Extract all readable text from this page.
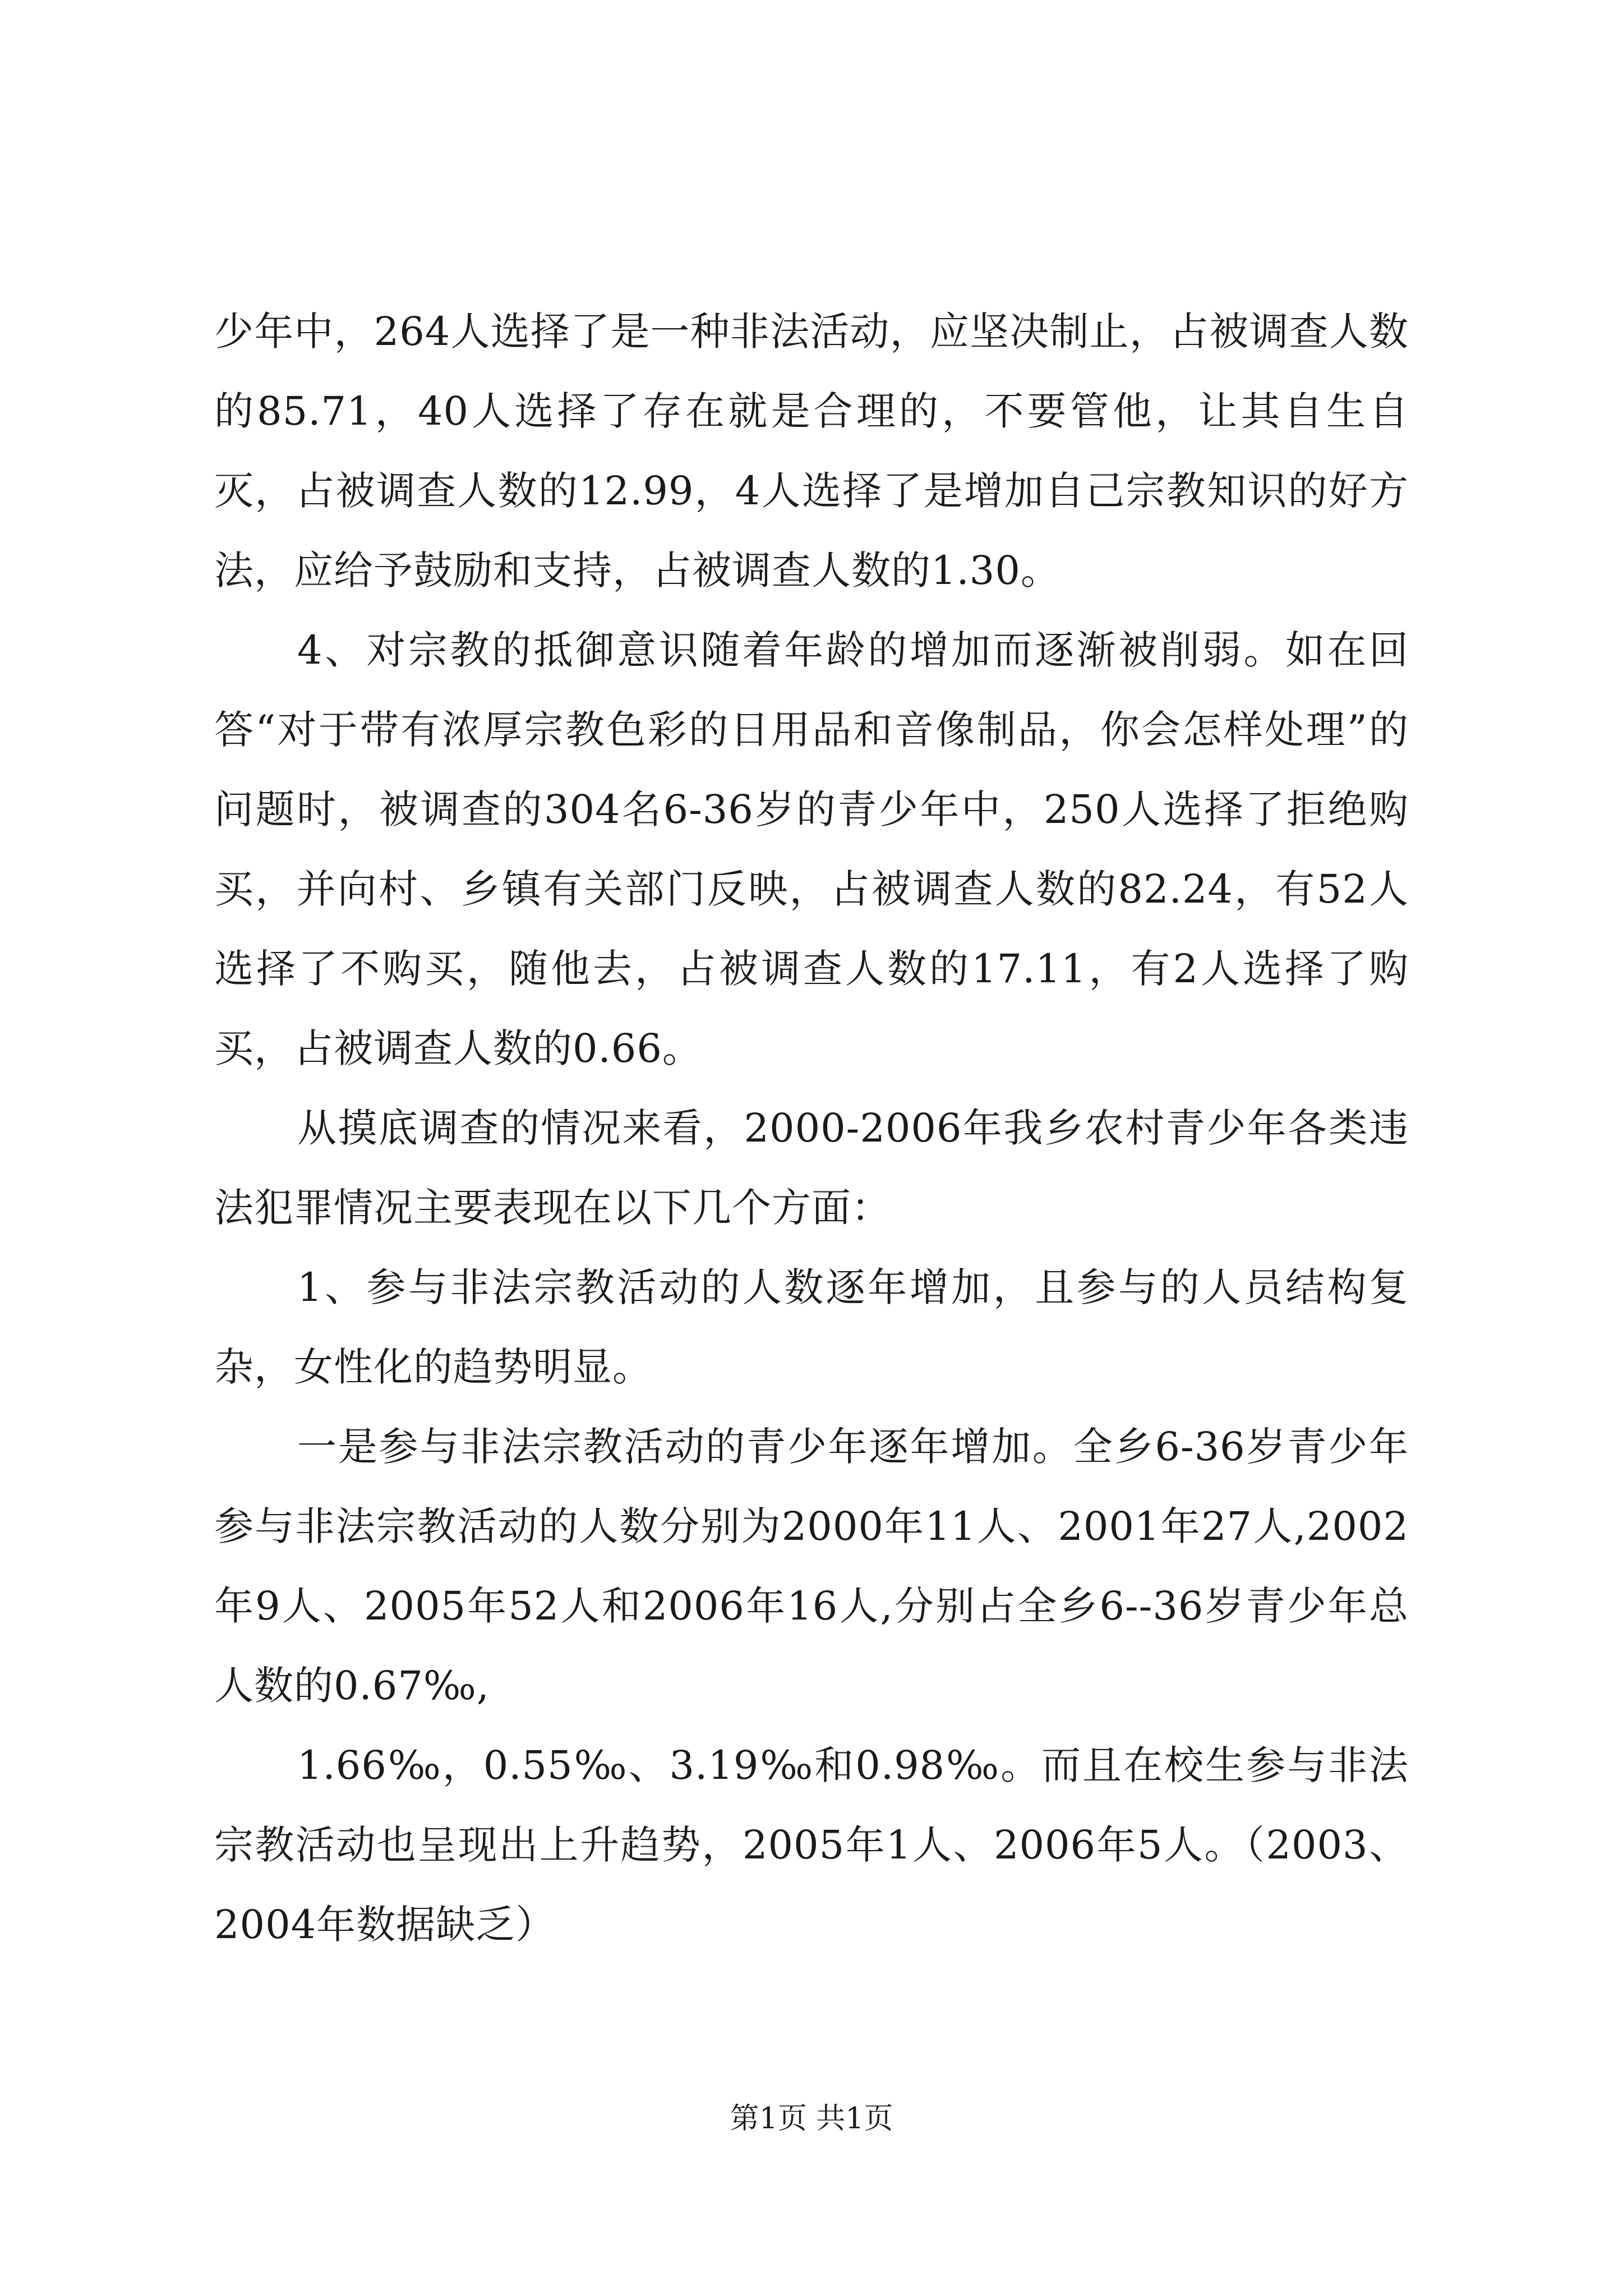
少年中，264人选择了是一种非法活动，应坚决制止，占被调查人数的85.71，40人选择了存在就是合理的，不要管他，让其自生自灭，占被调查人数的12.99，4人选择了是增加自己宗教知识的好方法，应给予鼓励和支持，占被调查人数的1.30。

4、对宗教的抵御意识随着年龄的增加而逐渐被削弱。如在回答“对于带有浓厚宗教色彩的日用品和音像制品，你会怎样处理”的问题时，被调查的304名6-36岁的青少年中，250人选择了拒绝购买，并向村、乡镇有关部门反映，占被调查人数的82.24，有52人选择了不购买，随他去，占被调查人数的17.11，有2人选择了购买，占被调查人数的0.66。

从摸底调查的情况来看，2000-2006年我乡农村青少年各类违法犯罪情况主要表现在以下几个方面：

1、参与非法宗教活动的人数逐年增加，且参与的人员结构复杂，女性化的趋势明显。

一是参与非法宗教活动的青少年逐年增加。全乡6-36岁青少年参与非法宗教活动的人数分别为2000年11人、2001年27人,2002年9人、2005年52人和2006年16人,分别占全乡6--36岁青少年总人数的0.67‰,

1.66‰，0.55‰、3.19‰和0.98‰。而且在校生参与非法宗教活动也呈现出上升趋势，2005年1人、2006年5人。（2003、2004年数据缺乏）

第1页 共1页
